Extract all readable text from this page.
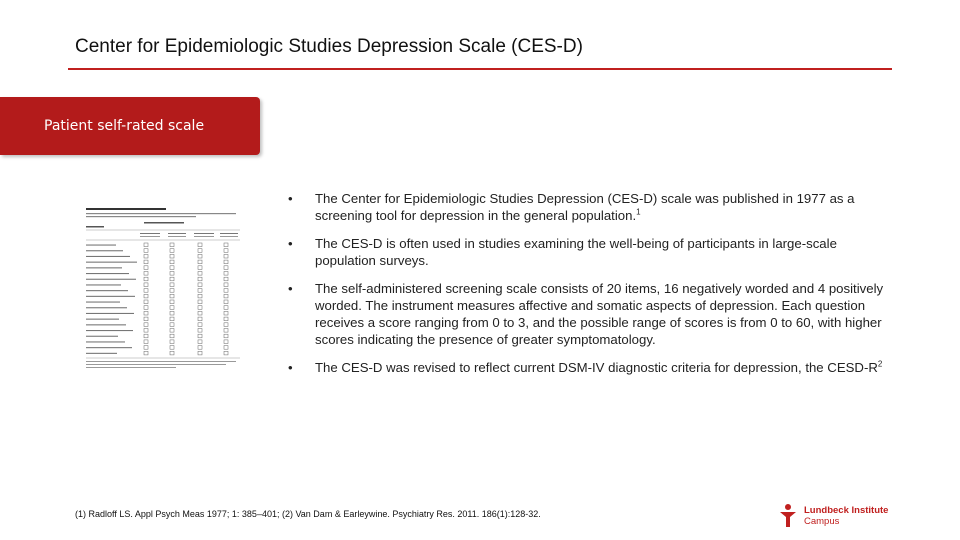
Center for Epidemiologic Studies Depression Scale (CES-D)
Patient self-rated scale
• The Center for Epidemiologic Studies Depression (CES-D) scale was published in 1977 as a screening tool for depression in the general population.$^1$
• The CES-D is often used in studies examining the well-being of participants in large-scale population surveys.
• The self-administered screening scale consists of 20 items, 16 negatively worded and 4 positively worded. The instrument measures affective and somatic aspects of depression. Each question receives a score ranging from 0 to 3, and the possible range of scores is from 0 to 60, with higher scores indicating the presence of greater symptomatology.
• The CES-D was revised to reflect current DSM-IV diagnostic criteria for depression, the CESD-$R^2$
(1) Radloff LS. Appl Psych Meas 1977; 1: 385–401; (2) Van Dam & Earleywine. Psychiatry Res. 2011. 186(1):128-32.	Lundbeck Institute
Campus
